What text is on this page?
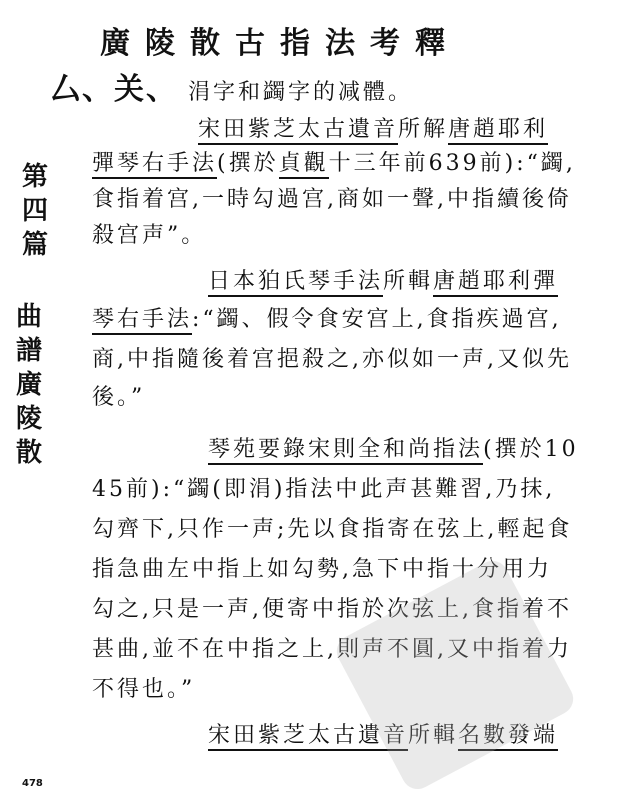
廣陵散古指法考釋
第四篇
曲譜廣陵散
厶、关、 涓字和蠲字的减體。
宋田紫芝太古遺音所解唐趙耶利
彈琴右手法(撰於貞觀十三年前639前):“蠲,
食指着宫,一時勾過宫,商如一聲,中指續後倚
殺宫声”。
日本狛氏琴手法所輯唐趙耶利彈
琴右手法:“蠲、假令食安宫上,食指疾過宫,
商,中指隨後着宫挹殺之,亦似如一声,又似先
後。”
琴苑要錄宋則全和尚指法(撰於10
45前):“蠲(即涓)指法中此声甚難習,乃抹,
勾齊下,只作一声;先以食指寄在弦上,輕起食
指急曲左中指上如勾勢,急下中指十分用力
勾之,只是一声,便寄中指於次弦上,食指着不
甚曲,並不在中指之上,則声不圓,又中指着力
不得也。”
宋田紫芝太古遺音所輯名數發端
478
